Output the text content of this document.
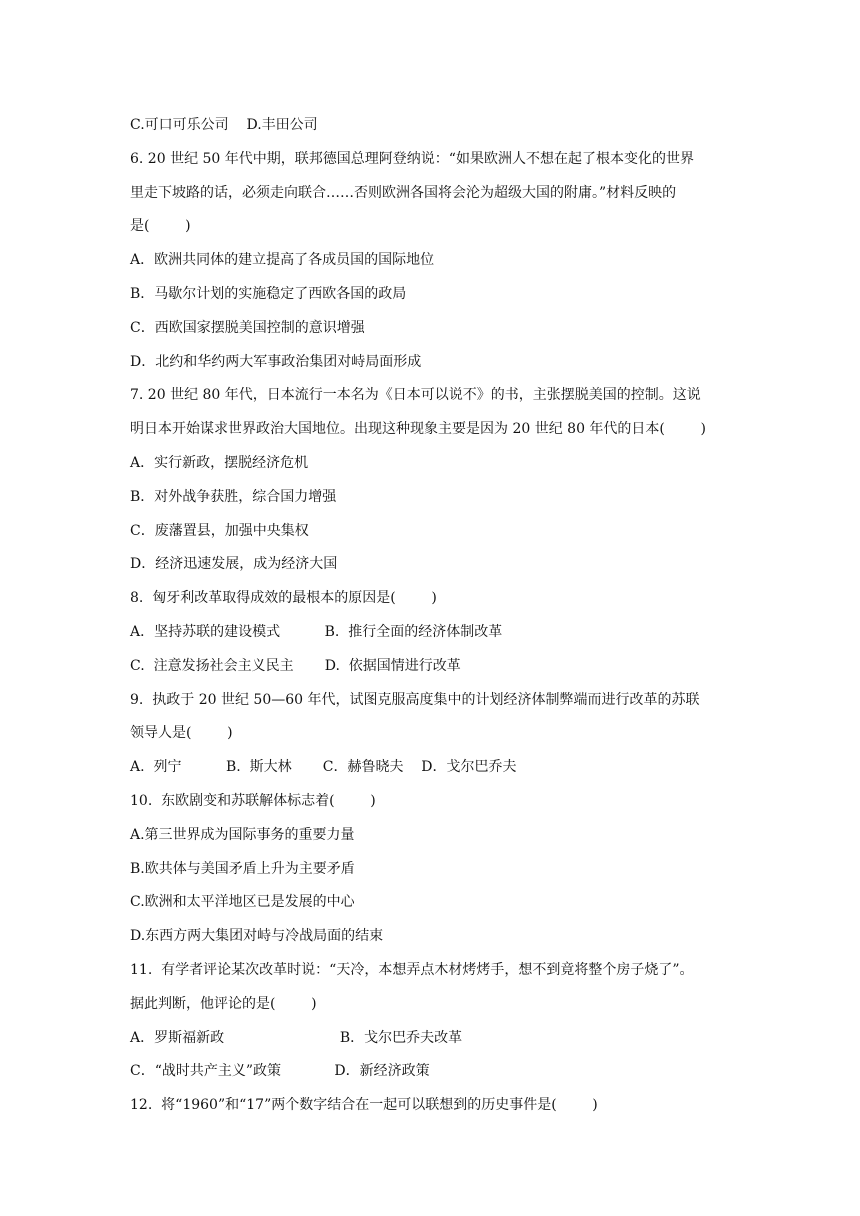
C.可口可乐公司    D.丰田公司
6. 20 世纪 50 年代中期，联邦德国总理阿登纳说：“如果欧洲人不想在起了根本变化的世界
里走下坡路的话，必须走向联合……否则欧洲各国将会沦为超级大国的附庸。”材料反映的
是(        )
A．欧洲共同体的建立提高了各成员国的国际地位
B．马歇尔计划的实施稳定了西欧各国的政局
C．西欧国家摆脱美国控制的意识增强
D．北约和华约两大军事政治集团对峙局面形成
7. 20 世纪 80 年代，日本流行一本名为《日本可以说不》的书，主张摆脱美国的控制。这说
明日本开始谋求世界政治大国地位。出现这种现象主要是因为 20 世纪 80 年代的日本(        )
A．实行新政，摆脱经济危机
B．对外战争获胜，综合国力增强
C．废藩置县，加强中央集权
D．经济迅速发展，成为经济大国
8.  匈牙利改革取得成效的最根本的原因是(        )
A．坚持苏联的建设模式          B.  推行全面的经济体制改革
C.  注意发扬社会主义民主       D.  依据国情进行改革
9.  执政于 20 世纪 50—60 年代，试图克服高度集中的计划经济体制弊端而进行改革的苏联
领导人是(        )
A.  列宁          B.  斯大林       C．赫鲁晓夫    D．戈尔巴乔夫
10.  东欧剧变和苏联解体标志着(        )
A.第三世界成为国际事务的重要力量
B.欧共体与美国矛盾上升为主要矛盾
C.欧洲和太平洋地区已是发展的中心
D.东西方两大集团对峙与冷战局面的结束
11.  有学者评论某次改革时说：“天冷，本想弄点木材烤烤手，想不到竟将整个房子烧了”。
据此判断，他评论的是(        )
A．罗斯福新政                          B．戈尔巴乔夫改革
C．“战时共产主义”政策            D．新经济政策
12.  将“1960”和“17”两个数字结合在一起可以联想到的历史事件是(        )
